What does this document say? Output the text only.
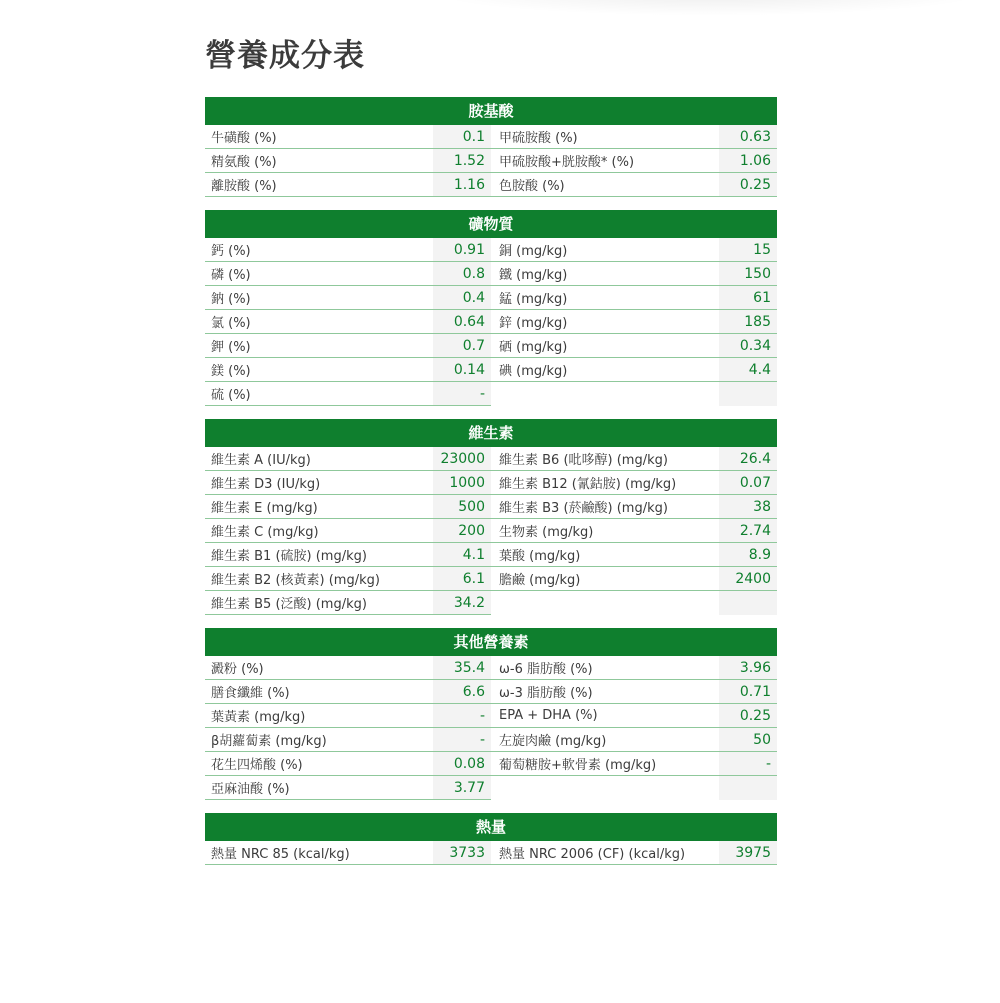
營養成分表
胺基酸
牛磺酸 (%)	0.1	甲硫胺酸 (%)	0.63
精氨酸 (%)	1.52	甲硫胺酸+胱胺酸* (%)	1.06
離胺酸 (%)	1.16	色胺酸 (%)	0.25
礦物質
鈣 (%)	0.91	銅 (mg/kg)	15
磷 (%)	0.8	鐵 (mg/kg)	150
鈉 (%)	0.4	錳 (mg/kg)	61
氯 (%)	0.64	鋅 (mg/kg)	185
鉀 (%)	0.7	硒 (mg/kg)	0.34
鎂 (%)	0.14	碘 (mg/kg)	4.4
硫 (%)	-
維生素
維生素 A (IU/kg)	23000	維生素 B6 (吡哆醇) (mg/kg)	26.4
維生素 D3 (IU/kg)	1000	維生素 B12 (氰鈷胺) (mg/kg)	0.07
維生素 E (mg/kg)	500	維生素 B3 (菸鹼酸) (mg/kg)	38
維生素 C (mg/kg)	200	生物素 (mg/kg)	2.74
維生素 B1 (硫胺) (mg/kg)	4.1	葉酸 (mg/kg)	8.9
維生素 B2 (核黃素) (mg/kg)	6.1	膽鹼 (mg/kg)	2400
維生素 B5 (泛酸) (mg/kg)	34.2
其他營養素
澱粉 (%)	35.4	ω-6 脂肪酸 (%)	3.96
膳食纖維 (%)	6.6	ω-3 脂肪酸 (%)	0.71
葉黃素 (mg/kg)	-	EPA + DHA (%)	0.25
β胡蘿蔔素 (mg/kg)	-	左旋肉鹼 (mg/kg)	50
花生四烯酸 (%)	0.08	葡萄糖胺+軟骨素 (mg/kg)	-
亞麻油酸 (%)	3.77
熱量
熱量 NRC 85 (kcal/kg)	3733	熱量 NRC 2006 (CF) (kcal/kg)	3975
